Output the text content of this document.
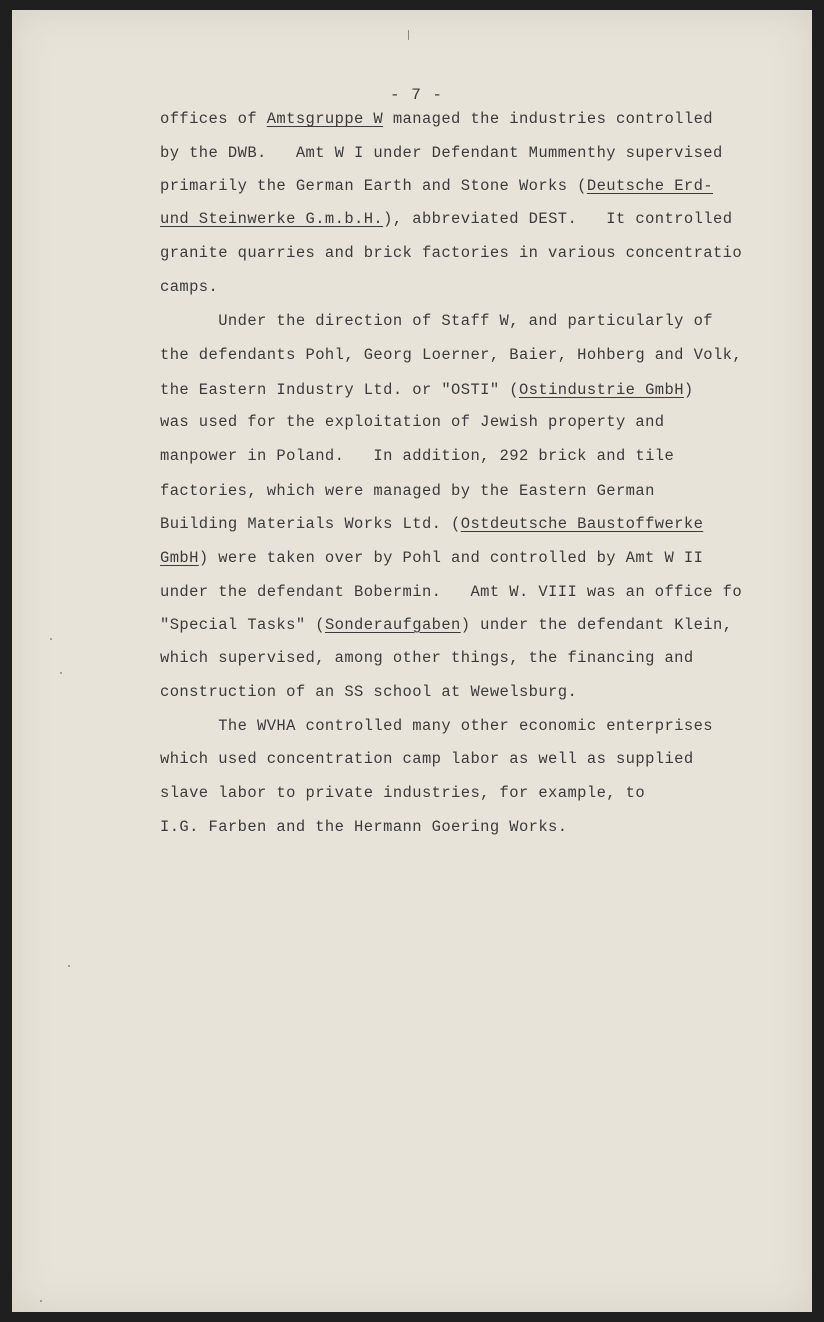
- 7 -
offices of Amtsgruppe W managed the industries controlled
by the DWB.   Amt W I under Defendant Mummenthy supervised
primarily the German Earth and Stone Works (Deutsche Erd-
und Steinwerke G.m.b.H.), abbreviated DEST.   It controlled
granite quarries and brick factories in various concentratio
camps.
Under the direction of Staff W, and particularly of
the defendants Pohl, Georg Loerner, Baier, Hohberg and Volk,
the Eastern Industry Ltd. or "OSTI" (Ostindustrie GmbH)
was used for the exploitation of Jewish property and
manpower in Poland.   In addition, 292 brick and tile
factories, which were managed by the Eastern German
Building Materials Works Ltd. (Ostdeutsche Baustoffwerke
GmbH) were taken over by Pohl and controlled by Amt W II
under the defendant Bobermin.   Amt W. VIII was an office fo
"Special Tasks" (Sonderaufgaben) under the defendant Klein,
which supervised, among other things, the financing and
construction of an SS school at Wewelsburg.
The WVHA controlled many other economic enterprises
which used concentration camp labor as well as supplied
slave labor to private industries, for example, to
I.G. Farben and the Hermann Goering Works.
